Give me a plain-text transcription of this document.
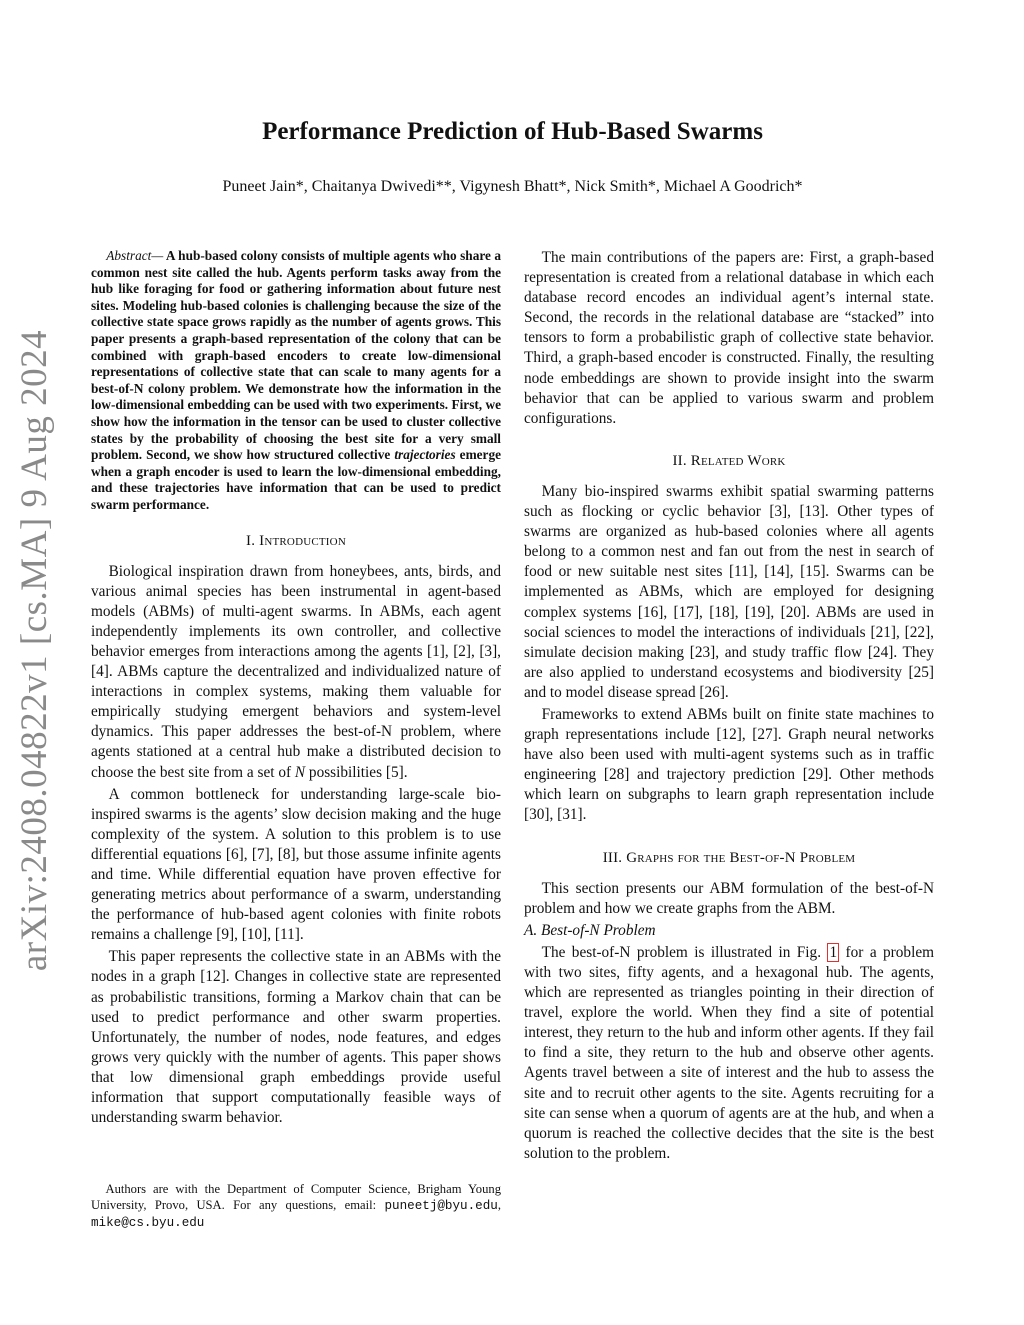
arXiv:2408.04822v1 [cs.MA] 9 Aug 2024
Performance Prediction of Hub-Based Swarms

Puneet Jain*, Chaitanya Dwivedi**, Vigynesh Bhatt*, Nick Smith*, Michael A Goodrich*

Abstract— A hub-based colony consists of multiple agents who share a common nest site called the hub. Agents perform tasks away from the hub like foraging for food or gathering information about future nest sites. Modeling hub-based colonies is challenging because the size of the collective state space grows rapidly as the number of agents grows. This paper presents a graph-based representation of the colony that can be combined with graph-based encoders to create low-dimensional representations of collective state that can scale to many agents for a best-of-N colony problem. We demonstrate how the information in the low-dimensional embedding can be used with two experiments. First, we show how the information in the tensor can be used to cluster collective states by the probability of choosing the best site for a very small problem. Second, we show how structured collective trajectories emerge when a graph encoder is used to learn the low-dimensional embedding, and these trajectories have information that can be used to predict swarm performance.

I. Introduction

Biological inspiration drawn from honeybees, ants, birds, and various animal species has been instrumental in agent-based models (ABMs) of multi-agent swarms. In ABMs, each agent independently implements its own controller, and collective behavior emerges from interactions among the agents [1], [2], [3], [4]. ABMs capture the decentralized and individualized nature of interactions in complex systems, making them valuable for empirically studying emergent behaviors and system-level dynamics. This paper addresses the best-of-N problem, where agents stationed at a central hub make a distributed decision to choose the best site from a set of N possibilities [5].

A common bottleneck for understanding large-scale bio-inspired swarms is the agents’ slow decision making and the huge complexity of the system. A solution to this problem is to use differential equations [6], [7], [8], but those assume infinite agents and time. While differential equation have proven effective for generating metrics about performance of a swarm, understanding the performance of hub-based agent colonies with finite robots remains a challenge [9], [10], [11].

This paper represents the collective state in an ABMs with the nodes in a graph [12]. Changes in collective state are represented as probabilistic transitions, forming a Markov chain that can be used to predict performance and other swarm properties. Unfortunately, the number of nodes, node features, and edges grows very quickly with the number of agents. This paper shows that low dimensional graph embeddings provide useful information that support computationally feasible ways of understanding swarm behavior.

Authors are with the Department of Computer Science, Brigham Young University, Provo, USA. For any questions, email: puneetj@byu.edu, mike@cs.byu.edu

The main contributions of the papers are: First, a graph-based representation is created from a relational database in which each database record encodes an individual agent’s internal state. Second, the records in the relational database are “stacked” into tensors to form a probabilistic graph of collective state behavior. Third, a graph-based encoder is constructed. Finally, the resulting node embeddings are shown to provide insight into the swarm behavior that can be applied to various swarm and problem configurations.

II. Related Work

Many bio-inspired swarms exhibit spatial swarming patterns such as flocking or cyclic behavior [3], [13]. Other types of swarms are organized as hub-based colonies where all agents belong to a common nest and fan out from the nest in search of food or new suitable nest sites [11], [14], [15]. Swarms can be implemented as ABMs, which are employed for designing complex systems [16], [17], [18], [19], [20]. ABMs are used in social sciences to model the interactions of individuals [21], [22], simulate decision making [23], and study traffic flow [24]. They are also applied to understand ecosystems and biodiversity [25] and to model disease spread [26].

Frameworks to extend ABMs built on finite state machines to graph representations include [12], [27]. Graph neural networks have also been used with multi-agent systems such as in traffic engineering [28] and trajectory prediction [29]. Other methods which learn on subgraphs to learn graph representation include [30], [31].

III. Graphs for the Best-of-N Problem

This section presents our ABM formulation of the best-of-N problem and how we create graphs from the ABM.

A. Best-of-N Problem

The best-of-N problem is illustrated in Fig. 1 for a problem with two sites, fifty agents, and a hexagonal hub. The agents, which are represented as triangles pointing in their direction of travel, explore the world. When they find a site of potential interest, they return to the hub and inform other agents. If they fail to find a site, they return to the hub and observe other agents. Agents travel between a site of interest and the hub to assess the site and to recruit other agents to the site. Agents recruiting for a site can sense when a quorum of agents are at the hub, and when a quorum is reached the collective decides that the site is the best solution to the problem.
